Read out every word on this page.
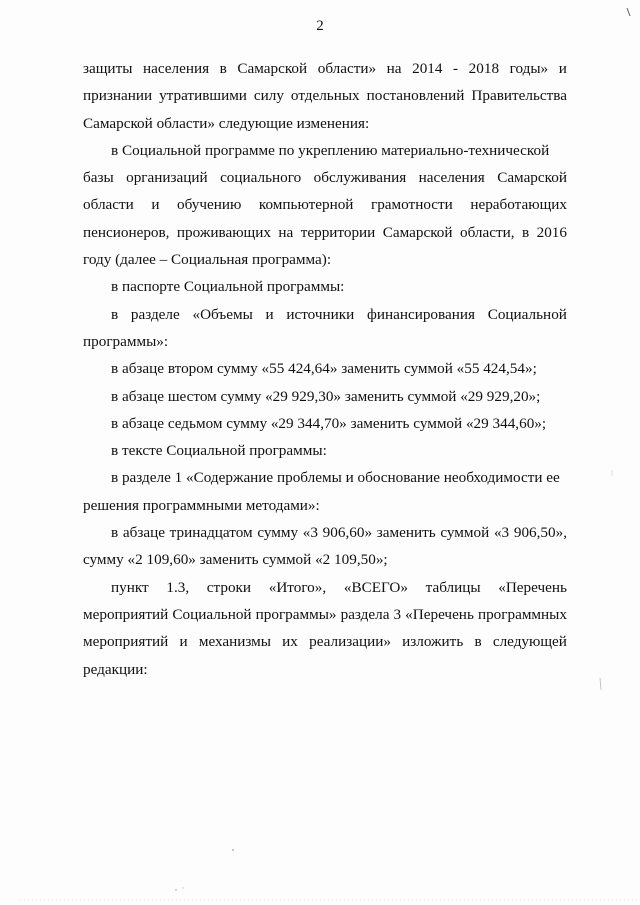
2
защиты населения в Самарской области» на 2014 - 2018 годы» и
признании утратившими силу отдельных постановлений Правительства
Самарской области» следующие изменения:
в Социальной программе по укреплению материально-технической
базы организаций социального обслуживания населения Самарской
области и обучению компьютерной грамотности неработающих
пенсионеров, проживающих на территории Самарской области, в 2016
году (далее – Социальная программа):
в паспорте Социальной программы:
в разделе «Объемы и источники финансирования Социальной
программы»:
в абзаце втором сумму «55 424,64» заменить суммой «55 424,54»;
в абзаце шестом сумму «29 929,30» заменить суммой «29 929,20»;
в абзаце седьмом сумму «29 344,70» заменить суммой «29 344,60»;
в тексте Социальной программы:
в разделе 1 «Содержание проблемы и обоснование необходимости ее
решения программными методами»:
в абзаце тринадцатом сумму «3 906,60» заменить суммой «3 906,50»,
сумму «2 109,60» заменить суммой «2 109,50»;
пункт 1.3, строки «Итого», «ВСЕГО» таблицы «Перечень
мероприятий Социальной программы» раздела 3 «Перечень программных
мероприятий и механизмы их реализации» изложить в следующей
редакции:
